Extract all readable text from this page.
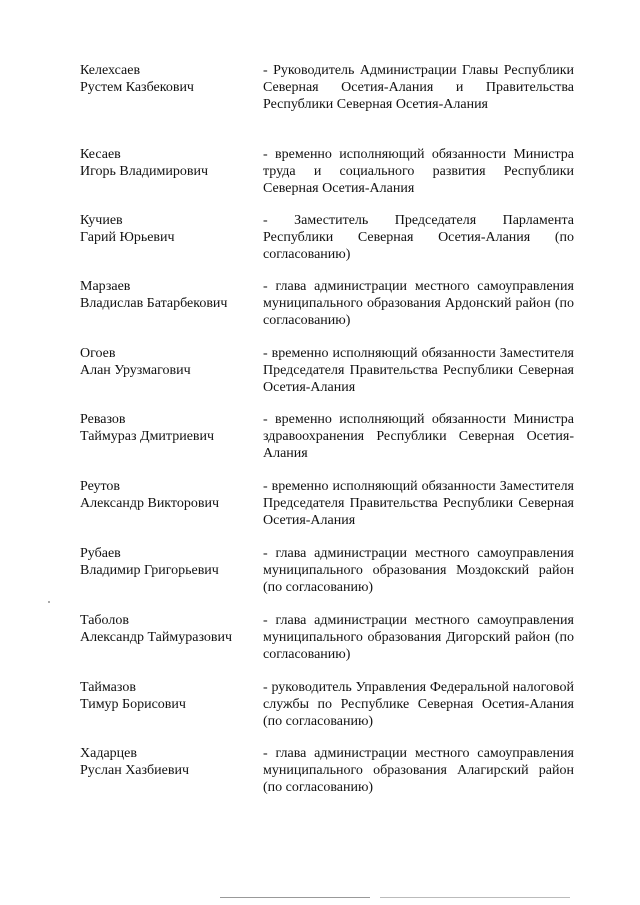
Келехсаев
Рустем Казбекович
- Руководитель Администрации Главы Республики Северная Осетия-Алания и Правительства Республики Северная Осетия-Алания
Кесаев
Игорь Владимирович
- временно исполняющий обязанности Министра труда и социального развития Республики Северная Осетия-Алания
Кучиев
Гарий Юрьевич
- Заместитель Председателя Парламента Республики Северная Осетия-Алания (по согласованию)
Марзаев
Владислав Батарбекович
- глава администрации местного самоуправления муниципального образования Ардонский район (по согласованию)
Огоев
Алан Урузмагович
- временно исполняющий обязанности Заместителя Председателя Правительства Республики Северная Осетия-Алания
Ревазов
Таймураз Дмитриевич
- временно исполняющий обязанности Министра здравоохранения Республики Северная Осетия-Алания
Реутов
Александр Викторович
- временно исполняющий обязанности Заместителя Председателя Правительства Республики Северная Осетия-Алания
Рубаев
Владимир Григорьевич
- глава администрации местного самоуправления муниципального образования Моздокский район (по согласованию)
Таболов
Александр Таймуразович
- глава администрации местного самоуправления муниципального образования Дигорский район (по согласованию)
Таймазов
Тимур Борисович
- руководитель Управления Федеральной налоговой службы по Республике Северная Осетия-Алания (по согласованию)
Хадарцев
Руслан Хазбиевич
- глава администрации местного самоуправления муниципального образования Алагирский район (по согласованию)
